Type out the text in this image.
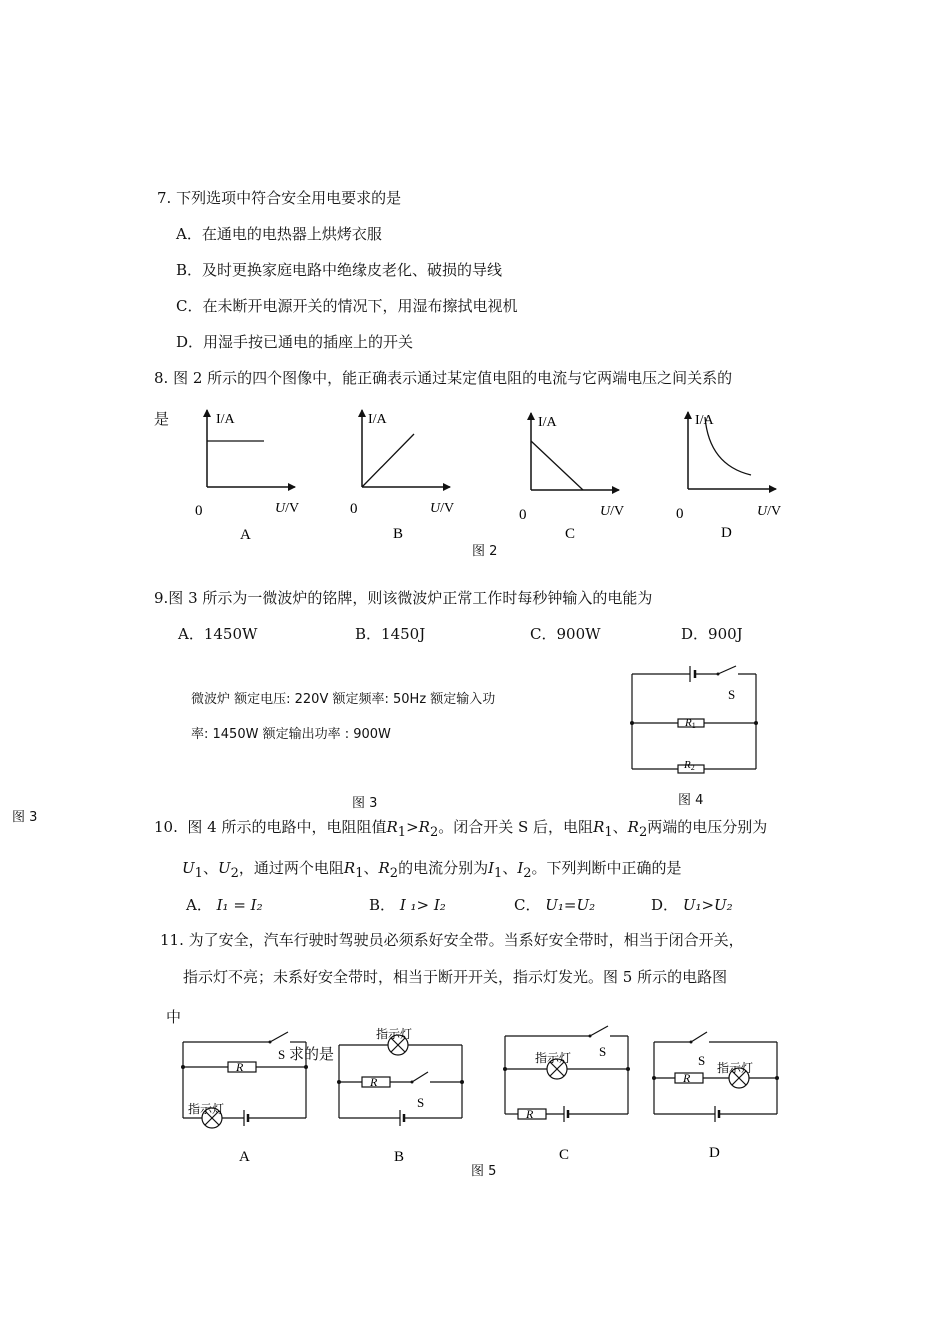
7. 下列选项中符合安全用电要求的是
A．在通电的电热器上烘烤衣服
B．及时更换家庭电路中绝缘皮老化、破损的导线
C．在未断开电源开关的情况下，用湿布擦拭电视机
D．用湿手按已通电的插座上的开关
8. 图 2 所示的四个图像中，能正确表示通过某定值电阻的电流与它两端电压之间关系的
是	I/A
0	U/V
A
I/A
0	U/V
B
I/A
0	U/V
C
I/A
0	U/V
D
图 2
9.图 3 所示为一微波炉的铭牌，则该微波炉正常工作时每秒钟输入的电能为
A．1450W	B．1450J	C．900W	D．900J
微波炉 额定电压: 220V 额定频率: 50Hz 额定输入功
率: 1450W 额定输出功率 : 900W
图 3
图 3
S
R1
R2
图 4
10. 图 4 所示的电路中，电阻阻值$R_1>R_2$。闭合开关 S 后，电阻$R_1$、$R_2$两端的电压分别为
$U_1$、$U_2$，通过两个电阻$R_1$、$R_2$的电流分别为$I_1$、$I_2$。下列判断中正确的是
A． I₁ = I₂	B． I ₁> I₂	C． U₁=U₂	D． U₁>U₂
11. 为了安全，汽车行驶时驾驶员必须系好安全带。当系好安全带时，相当于闭合开关，
指示灯不亮；未系好安全带时，相当于断开开关，指示灯发光。图 5 所示的电路图
中
求的是
S
R
指示灯
A
指示灯
R
S
B
S
指示灯
R
C
S
R
指示灯
D
图 5
